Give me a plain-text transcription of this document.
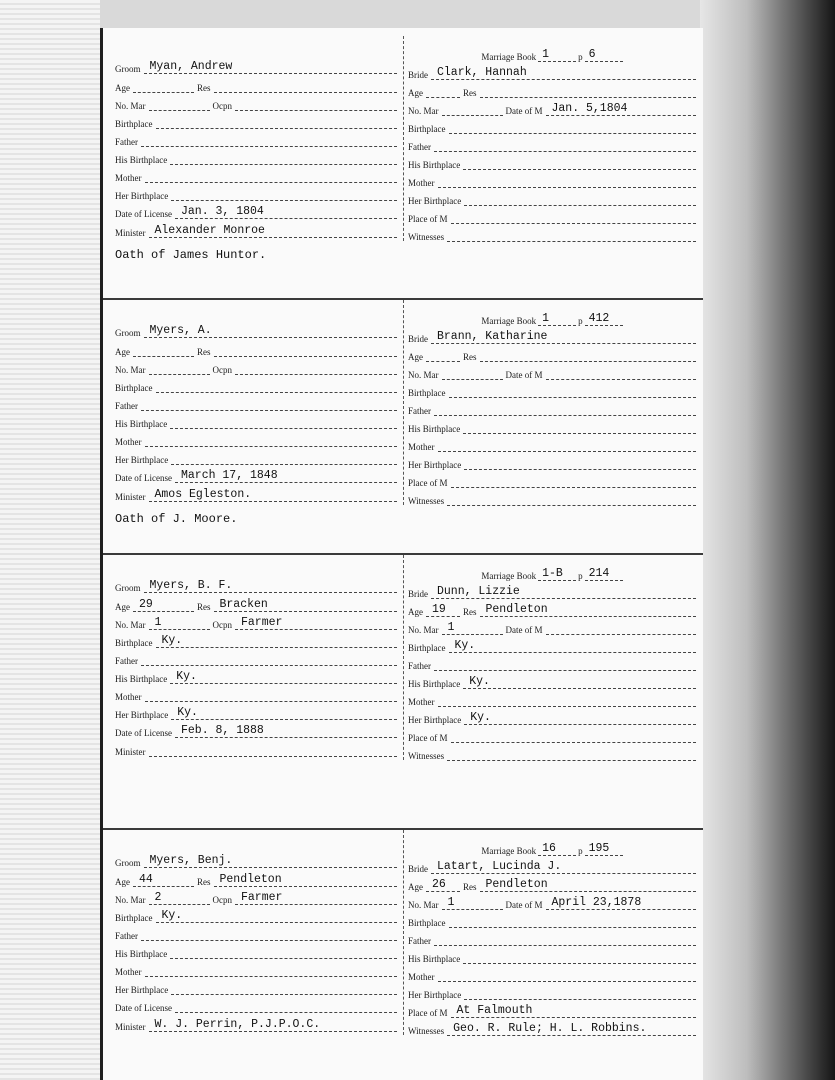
Groom Myan, Andrew
Age	Res
No. Mar	Ocpn
Birthplace
Father
His Birthplace
Mother
Her Birthplace
Date of License Jan. 3, 1804
Minister Alexander Monroe
Marriage Book 1	p 6
Bride Clark, Hannah
Age	Res
No. Mar	Date of M Jan. 5,1804
Birthplace
Father
His Birthplace
Mother
Her Birthplace
Place of M
Witnesses
Oath of James Huntor.
Groom Myers, A.
Age	Res
No. Mar	Ocpn
Birthplace
Father
His Birthplace
Mother
Her Birthplace
Date of License March 17, 1848
Minister Amos Egleston.
Marriage Book 1	p 412
Bride Brann, Katharine
Age	Res
No. Mar	Date of M
Birthplace
Father
His Birthplace
Mother
Her Birthplace
Place of M
Witnesses
Oath of J. Moore.
Groom Myers, B. F.
Age 29	Res Bracken
No. Mar 1	Ocpn Farmer
Birthplace Ky.
Father
His Birthplace Ky.
Mother
Her Birthplace Ky.
Date of License Feb. 8, 1888
Minister
Marriage Book 1-B	p 214
Bride Dunn, Lizzie
Age 19	Res Pendleton
No. Mar 1	Date of M
Birthplace Ky.
Father
His Birthplace Ky.
Mother
Her Birthplace Ky.
Place of M
Witnesses
Groom Myers, Benj.
Age 44	Res Pendleton
No. Mar 2	Ocpn Farmer
Birthplace Ky.
Father
His Birthplace
Mother
Her Birthplace
Date of License
Minister W. J. Perrin, P.J.P.O.C.
Marriage Book 16	p 195
Bride Latart, Lucinda J.
Age 26	Res Pendleton
No. Mar 1	Date of M April 23,1878
Birthplace
Father
His Birthplace
Mother
Her Birthplace
Place of M At Falmouth
Witnesses Geo. R. Rule; H. L. Robbins.
